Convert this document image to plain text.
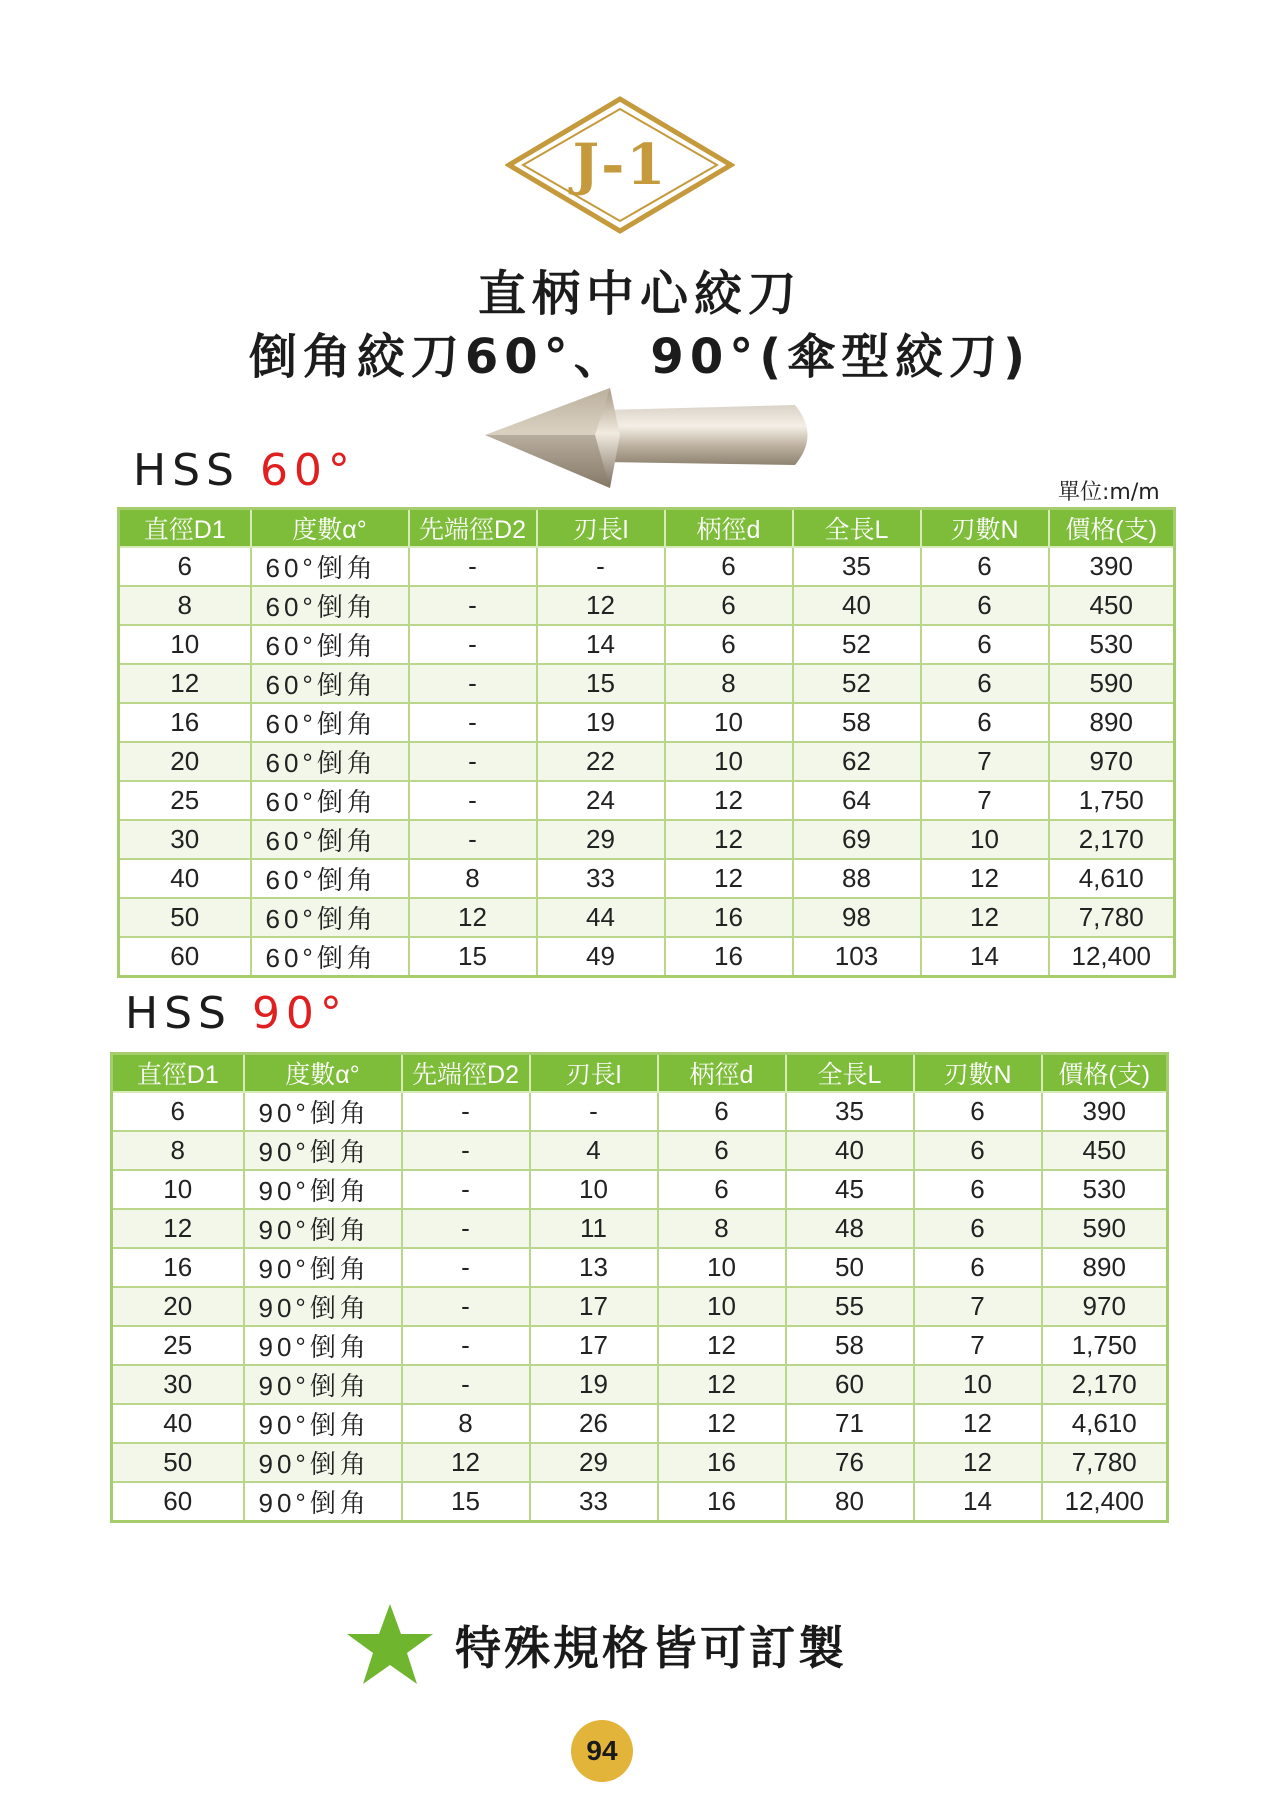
J-1
直柄中心絞刀
倒角絞刀60°、 90°(傘型絞刀)
HSS 60°	單位:m/m
直徑D1	度數α°	先端徑D2	刃長l	柄徑d	全長L	刃數N	價格(支)
6	60°倒角	-	-	6	35	6	390
8	60°倒角	-	12	6	40	6	450
10	60°倒角	-	14	6	52	6	530
12	60°倒角	-	15	8	52	6	590
16	60°倒角	-	19	10	58	6	890
20	60°倒角	-	22	10	62	7	970
25	60°倒角	-	24	12	64	7	1,750
30	60°倒角	-	29	12	69	10	2,170
40	60°倒角	8	33	12	88	12	4,610
50	60°倒角	12	44	16	98	12	7,780
60	60°倒角	15	49	16	103	14	12,400
HSS 90°
直徑D1	度數α°	先端徑D2	刃長l	柄徑d	全長L	刃數N	價格(支)
6	90°倒角	-	-	6	35	6	390
8	90°倒角	-	4	6	40	6	450
10	90°倒角	-	10	6	45	6	530
12	90°倒角	-	11	8	48	6	590
16	90°倒角	-	13	10	50	6	890
20	90°倒角	-	17	10	55	7	970
25	90°倒角	-	17	12	58	7	1,750
30	90°倒角	-	19	12	60	10	2,170
40	90°倒角	8	26	12	71	12	4,610
50	90°倒角	12	29	16	76	12	7,780
60	90°倒角	15	33	16	80	14	12,400
特殊規格皆可訂製
94
